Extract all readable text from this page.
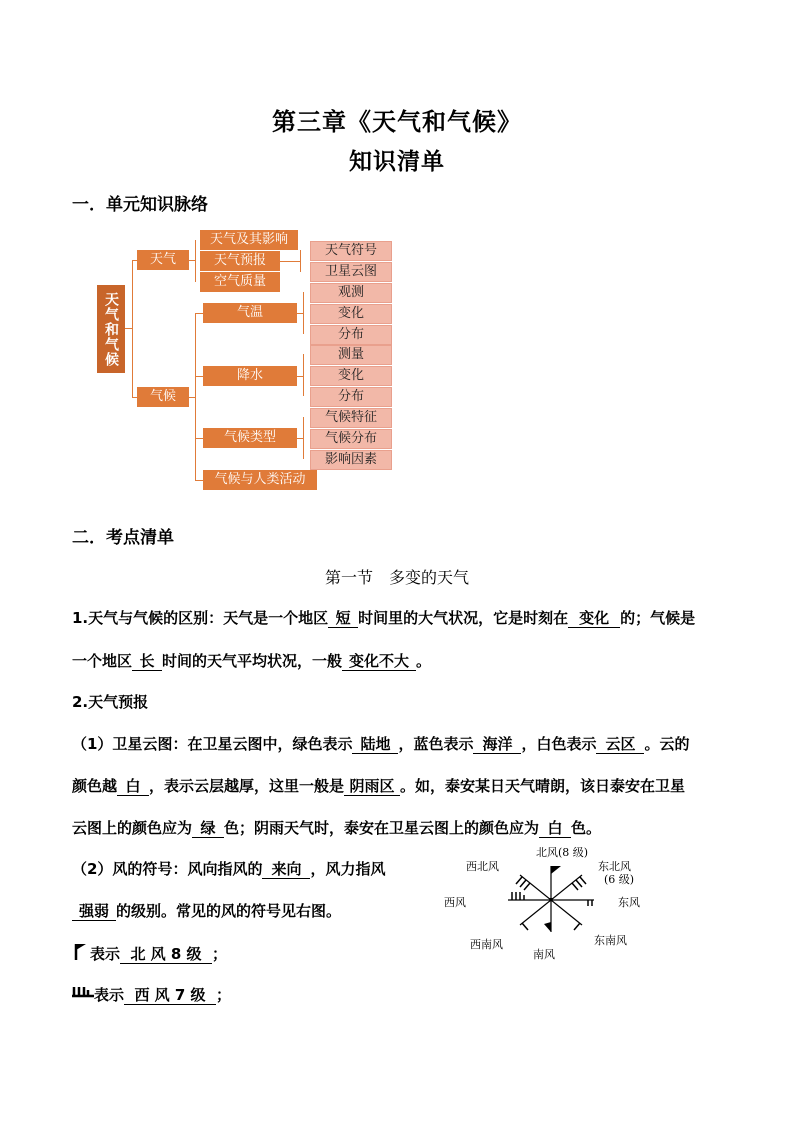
第三章《天气和气候》
知识清单
一．单元知识脉络
天气和气候
天气
气候
天气及其影响
天气预报
空气质量
天气符号
卫星云图
气温
降水
气候类型
气候与人类活动
观测
变化
分布
测量
变化
分布
气候特征
气候分布
影响因素
二．考点清单
第一节　多变的天气
1.天气与气候的区别：天气是一个地区 短 时间里的大气状况，它是时刻在 变化 的；气候是
一个地区 长 时间的天气平均状况，一般 变化不大 。
2.天气预报
（1）卫星云图：在卫星云图中，绿色表示 陆地 ，蓝色表示 海洋 ，白色表示 云区 。云的
颜色越 白 ，表示云层越厚，这里一般是 阴雨区 。如，泰安某日天气晴朗，该日泰安在卫星
云图上的颜色应为 绿 色；阴雨天气时，泰安在卫星云图上的颜色应为 白 色。
（2）风的符号：风向指风的 来向 ，风力指风
强弱 的级别。常见的风的符号见右图。
表示 北 风 8 级 ；
表示 西 风 7 级 ；
北风(8 级)
西北风	东北风
(6 级)
西风	东风
西南风	东南风
南风
